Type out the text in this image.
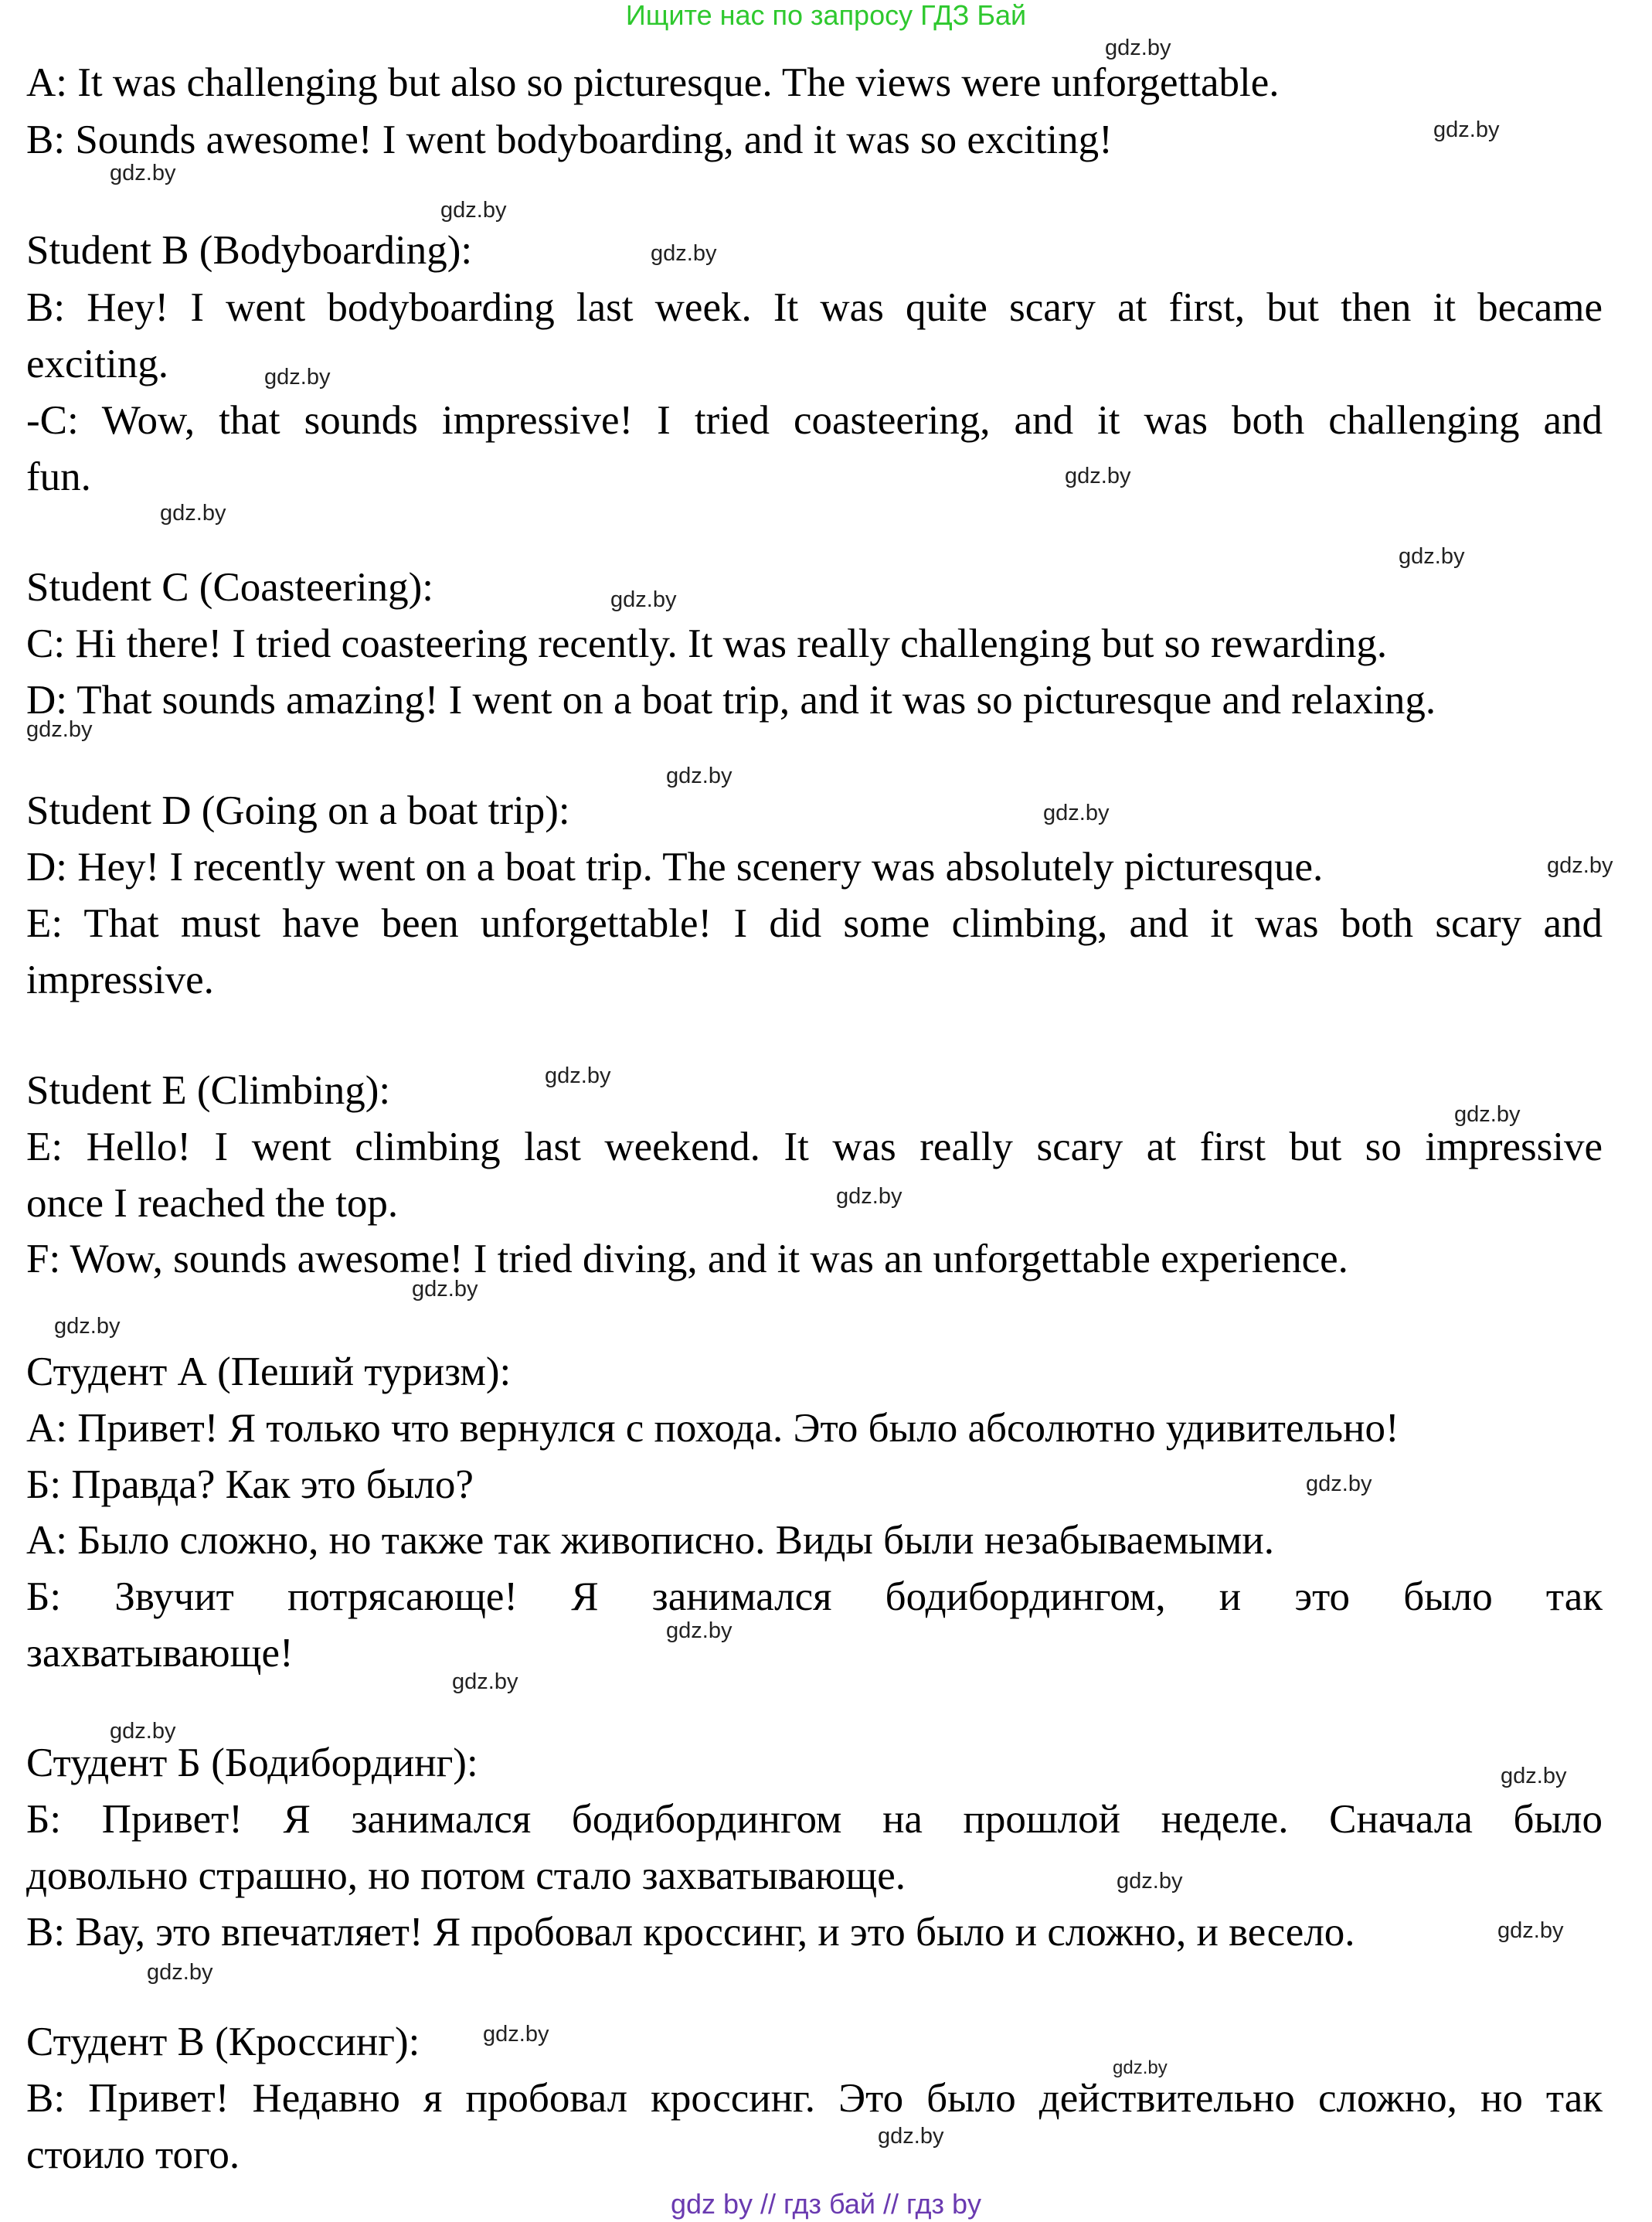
Ищите нас по запросу ГДЗ Бай
A: It was challenging but also so picturesque. The views were unforgettable.
B: Sounds awesome! I went bodyboarding, and it was so exciting!
Student B (Bodyboarding):
B: Hey! I went bodyboarding last week. It was quite scary at first, but then it became
exciting.
-C: Wow, that sounds impressive! I tried coasteering, and it was both challenging and
fun.
Student C (Coasteering):
C: Hi there! I tried coasteering recently. It was really challenging but so rewarding.
D: That sounds amazing! I went on a boat trip, and it was so picturesque and relaxing.
Student D (Going on a boat trip):
D: Hey! I recently went on a boat trip. The scenery was absolutely picturesque.
E: That must have been unforgettable! I did some climbing, and it was both scary and
impressive.
Student E (Climbing):
E: Hello! I went climbing last weekend. It was really scary at first but so impressive
once I reached the top.
F: Wow, sounds awesome! I tried diving, and it was an unforgettable experience.
Студент А (Пеший туризм):
А: Привет! Я только что вернулся с похода. Это было абсолютно удивительно!
Б: Правда? Как это было?
А: Было сложно, но также так живописно. Виды были незабываемыми.
Б: Звучит потрясающе! Я занимался бодибордингом, и это было так
захватывающе!
Студент Б (Бодибординг):
Б: Привет! Я занимался бодибордингом на прошлой неделе. Сначала было
довольно страшно, но потом стало захватывающе.
В: Вау, это впечатляет! Я пробовал кроссинг, и это было и сложно, и весело.
Студент В (Кроссинг):
В: Привет! Недавно я пробовал кроссинг. Это было действительно сложно, но так
стоило того.
gdz.by
gdz.by
gdz.by
gdz.by
gdz.by
gdz.by
gdz.by
gdz.by
gdz.by
gdz.by
gdz.by
gdz.by
gdz.by
gdz.by
gdz.by
gdz.by
gdz.by
gdz.by
gdz.by
gdz.by
gdz.by
gdz.by
gdz.by
gdz.by
gdz.by
gdz.by
gdz.by
gdz.by
gdz.by
gdz.by
gdz by // гдз бай // гдз by
